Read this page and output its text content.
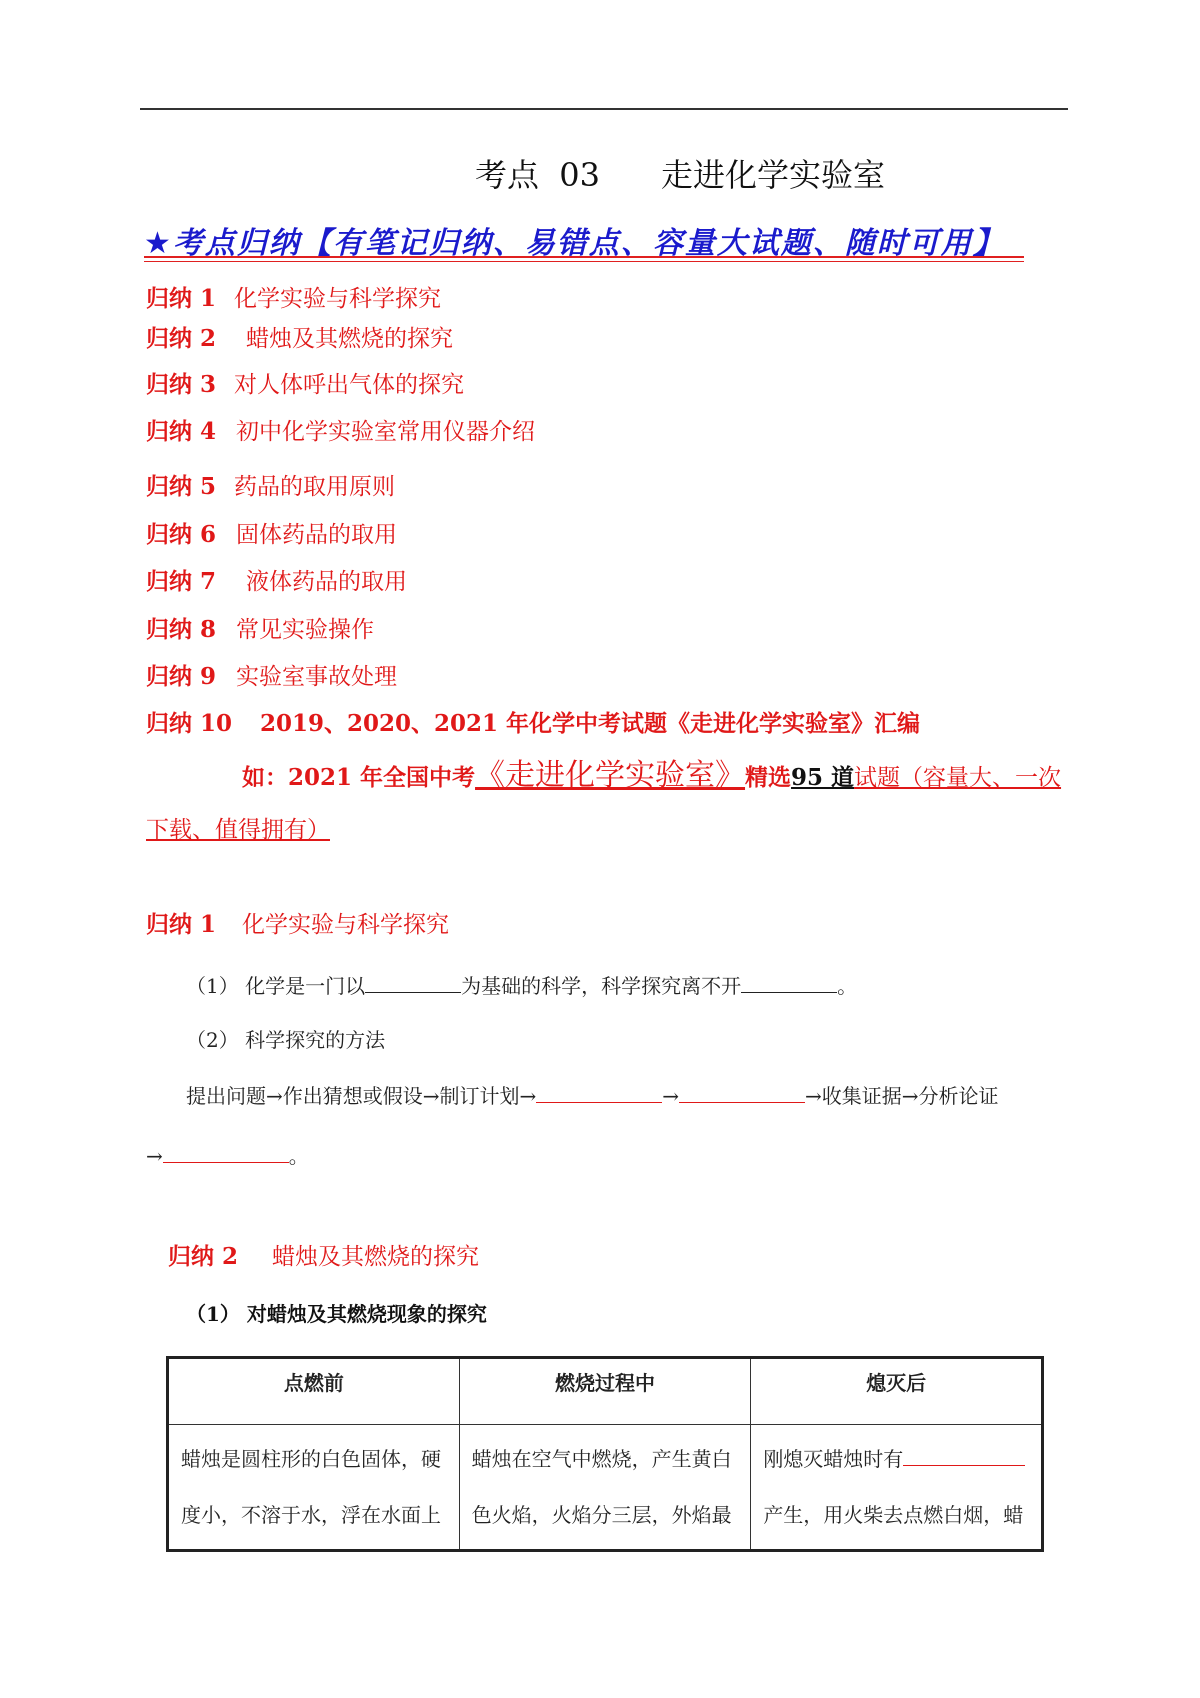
考点  03      走进化学实验室
★考点归纳【有笔记归纳、易错点、容量大试题、随时可用】
归纳 1 化学实验与科学探究
归纳 2 蜡烛及其燃烧的探究
归纳 3 对人体呼出气体的探究
归纳 4 初中化学实验室常用仪器介绍
归纳 5 药品的取用原则
归纳 6 固体药品的取用
归纳 7 液体药品的取用
归纳 8 常见实验操作
归纳 9 实验室事故处理
归纳 10 2019、2020、2021 年化学中考试题《走进化学实验室》汇编
如：2021 年全国中考《走进化学实验室》精选95 道试题（容量大、一次下载、值得拥有）
归纳 1 化学实验与科学探究
（1） 化学是一门以	为基础的科学，科学探究离不开	。
（2） 科学探究的方法
提出问题→作出猜想或假设→制订计划→	→	→收集证据→分析论证
→	。
归纳 2 蜡烛及其燃烧的探究
（1） 对蜡烛及其燃烧现象的探究
点燃前	燃烧过程中	熄灭后
蜡烛是圆柱形的白色固体，硬度小，不溶于水，浮在水面上	蜡烛在空气中燃烧，产生黄白色火焰，火焰分三层，外焰最	刚熄灭蜡烛时有产生，用火柴去点燃白烟，蜡
